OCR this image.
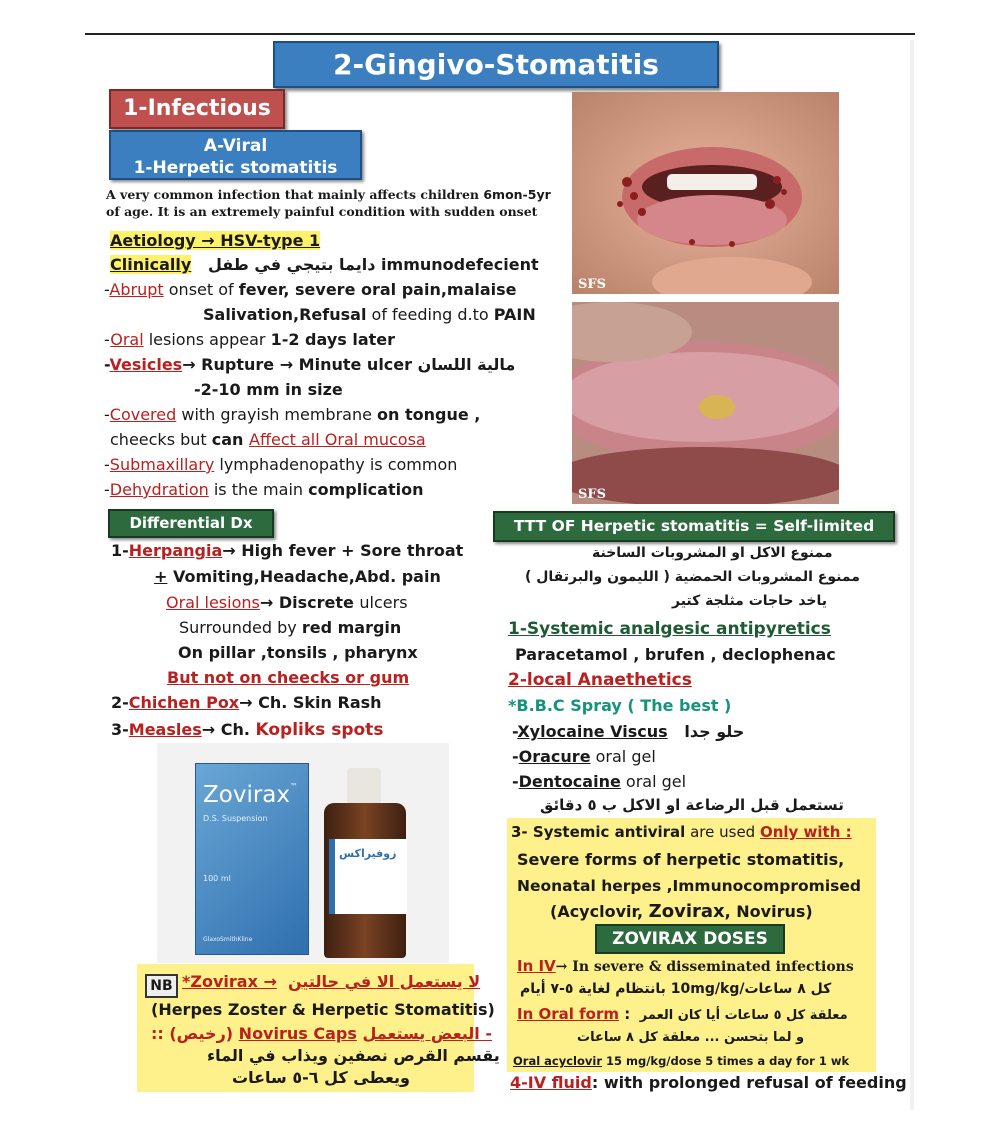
2-Gingivo-Stomatitis
1-Infectious
A-Viral
1-Herpetic stomatitis
A very common infection that mainly affects children 6mon-5yr of age. It is an extremely painful condition with sudden onset
Aetiology → HSV-type 1
Clinically دايما بتيجي في طفل immunodefecient
-Abrupt onset of fever, severe oral pain,malaise
Salivation,Refusal of feeding d.to PAIN
-Oral lesions appear 1-2 days later
-Vesicles→ Rupture → Minute ulcer مالية اللسان
-2-10 mm in size
-Covered with grayish membrane on tongue ,
cheecks but can Affect all Oral mucosa
-Submaxillary lymphadenopathy is common
-Dehydration is the main complication
SFS
SFS
Differential Dx
1-Herpangia→ High fever + Sore throat
+ Vomiting,Headache,Abd. pain
Oral lesions→ Discrete ulcers
Surrounded by red margin
On pillar ,tonsils , pharynx
But not on cheecks or gum
2-Chichen Pox→ Ch. Skin Rash
3-Measles→ Ch. Kopliks spots
Zovirax™
D.S. Suspension
100 ml
GlaxoSmithKline
زوفيراكس
NB *Zovirax → لا يستعمل الا في حالتين
(Herpes Zoster & Herpetic Stomatitis)
(رخيص) :: Novirus Caps - البعض يستعمل
يقسم القرص نصفين ويذاب في الماء
ويعطى كل ٦-٥ ساعات
TTT OF Herpetic stomatitis = Self-limited
ممنوع الاكل او المشروبات الساخنة
ممنوع المشروبات الحمضية ( الليمون والبرتقال )
ياخد حاجات مثلجة كتير
1-Systemic analgesic antipyretics
Paracetamol , brufen , declophenac
2-local Anaethetics
*B.B.C Spray ( The best )
-Xylocaine Viscus حلو جدا
-Oracure oral gel
-Dentocaine oral gel
تستعمل قبل الرضاعة او الاكل ب ٥ دقائق
3- Systemic antiviral are used Only with :
Severe forms of herpetic stomatitis,
Neonatal herpes ,Immunocompromised
(Acyclovir, Zovirax, Novirus)
In IV→ In severe & disseminated infections
كل ٨ ساعات/10mg/kg بانتظام لغاية ٥-٧ أيام
In Oral form : معلقة كل ٥ ساعات أيا كان العمر
و لما بتحسن ... معلقة كل ٨ ساعات
Oral acyclovir 15 mg/kg/dose 5 times a day for 1 wk
ZOVIRAX DOSES
4-IV fluid: with prolonged refusal of feeding
